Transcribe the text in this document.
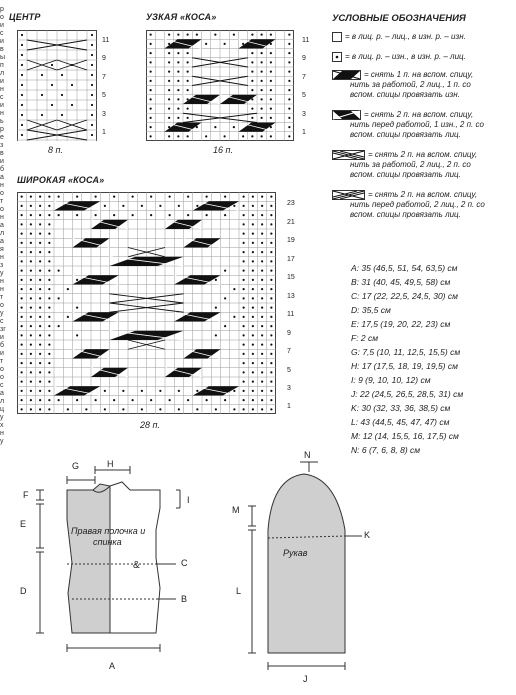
ЦЕНТР
11
9
7
5
3
1
8 п.
УЗКАЯ «КОСА»
11
9
7
5
3
1
16 п.
ШИРОКАЯ «КОСА»
23
21
19
17
15
13
11
9
7
5
3
1
28 п.
УСЛОВНЫЕ ОБОЗНАЧЕНИЯ
= в лиц. р. – лиц., в изн. р. – изн.
= в лиц. р. – изн., в изн. р. – лиц.
= снять 1 п. на вспом. спицу,
нить за работой, 2 лиц., 1 п. со
вспом. спицы провязать изн.
= снять 2 п. на вспом. спицу,
нить перед работой, 1 изн., 2 п. со
вспом. спицы провязать лиц.
= снять 2 п. на вспом. спицу,
нить за работой, 2 лиц., 2 п. со
вспом. спицы провязать лиц.
= снять 2 п. на вспом. спицу,
нить перед работой, 2 лиц., 2 п. со
вспом. спицы провязать лиц.
A: 35 (46,5, 51, 54, 63,5) см
B: 31 (40, 45, 49,5, 58) см
C: 17 (22, 22,5, 24,5, 30) см
D: 35,5 см
E: 17,5 (19, 20, 22, 23) см
F: 2 см
G: 7,5 (10, 11, 12,5, 15,5) см
H: 17 (17,5, 18, 19, 19,5) см
I: 9 (9, 10, 10, 12) см
J: 22 (24,5, 26,5, 28,5, 31) см
K: 30 (32, 33, 36, 38,5) см
L: 43 (44,5, 45, 47, 47) см
M: 12 (14, 15,5, 16, 17,5) см
N: 6 (7, 6, 8, 8) см
роисивыплинсиньрезвибанотоналаянзуннтоусзгибитоосалцухну
Правая полочка и
спинка
&
Рукав
A
B
C
D
E
F
G	H
I
J
K
L
M
N
